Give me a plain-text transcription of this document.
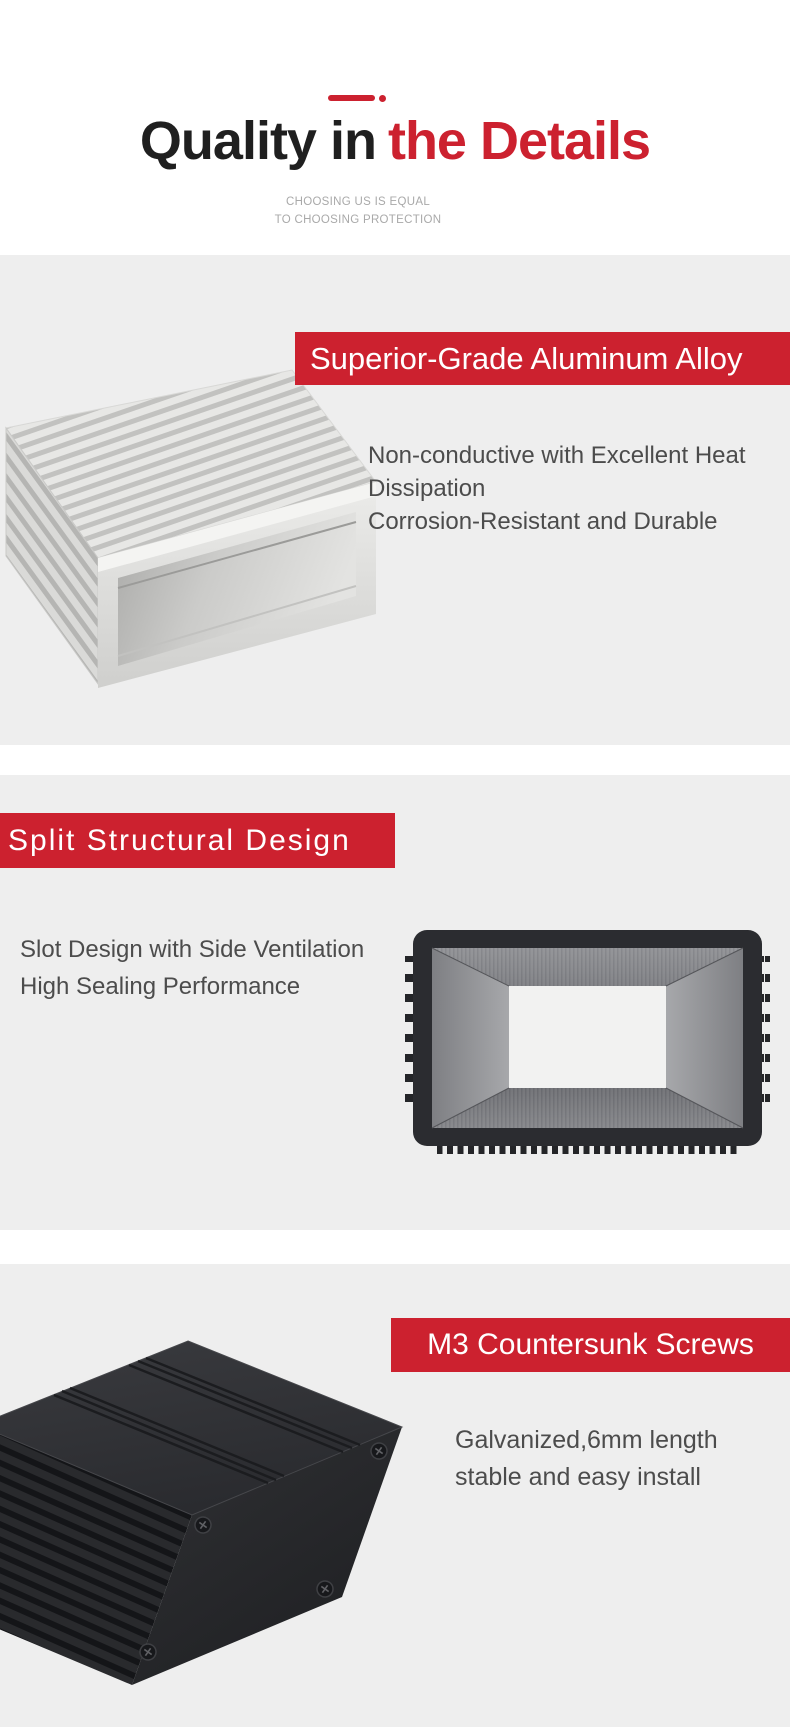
Quality in the Details
CHOOSING US IS EQUAL
TO CHOOSING PROTECTION
Superior-Grade Aluminum Alloy
Non-conductive with Excellent Heat
Dissipation
Corrosion-Resistant and Durable
Split Structural Design
Slot Design with Side Ventilation
High Sealing Performance
M3 Countersunk Screws
Galvanized,6mm length
stable and easy install
